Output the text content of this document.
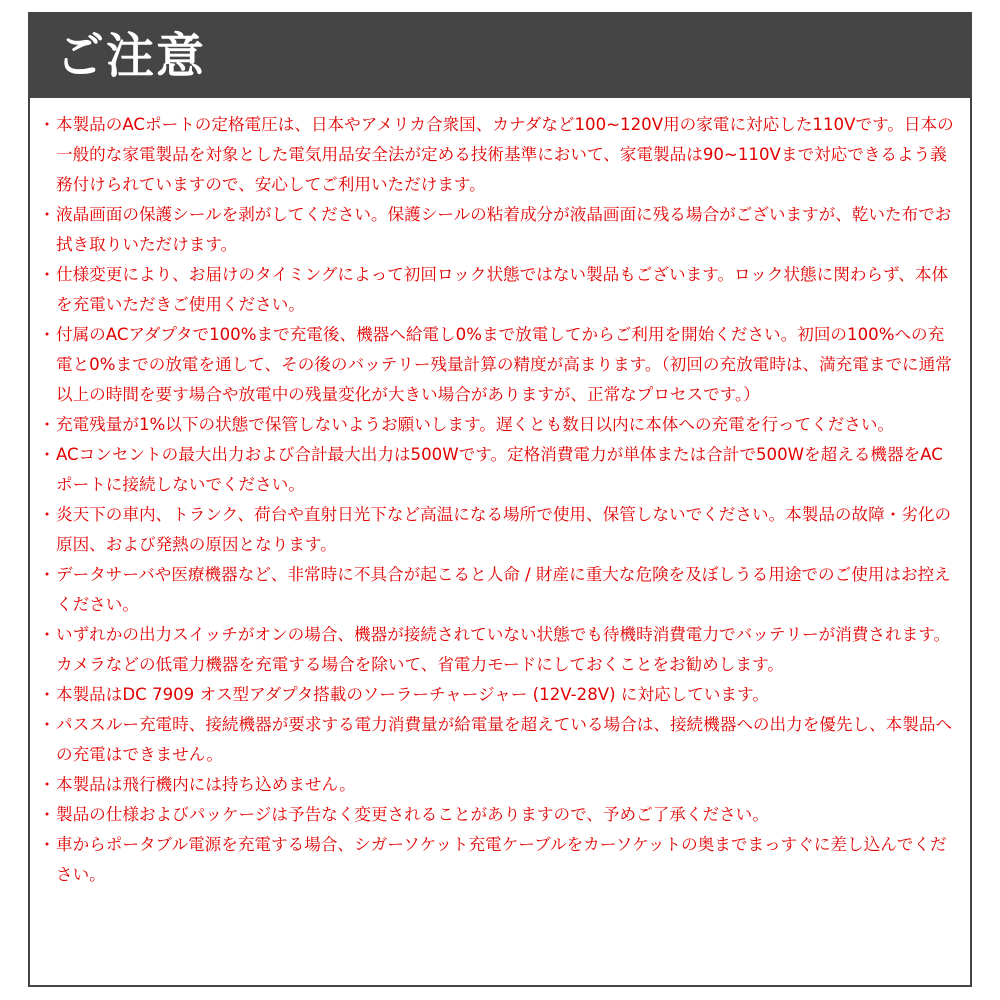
ご注意
・ 本製品のACポートの定格電圧は、日本やアメリカ合衆国、カナダなど100~120V用の家電に対応した110Vです。日本の一般的な家電製品を対象とした電気用品安全法が定める技術基準において、家電製品は90~110Vまで対応できるよう義務付けられていますので、安心してご利用いただけます。
・ 液晶画面の保護シールを剥がしてください。保護シールの粘着成分が液晶画面に残る場合がございますが、乾いた布でお拭き取りいただけます。
・ 仕様変更により、お届けのタイミングによって初回ロック状態ではない製品もございます。ロック状態に関わらず、本体を充電いただきご使用ください。
・ 付属のACアダプタで100%まで充電後、機器へ給電し0%まで放電してからご利用を開始ください。初回の100%への充電と0%までの放電を通して、その後のバッテリー残量計算の精度が高まります。（初回の充放電時は、満充電までに通常以上の時間を要す場合や放電中の残量変化が大きい場合がありますが、正常なプロセスです。）
・ 充電残量が1%以下の状態で保管しないようお願いします。遅くとも数日以内に本体への充電を行ってください。
・ ACコンセントの最大出力および合計最大出力は500Wです。定格消費電力が単体または合計で500Wを超える機器をACポートに接続しないでください。
・ 炎天下の車内、トランク、荷台や直射日光下など高温になる場所で使用、保管しないでください。本製品の故障・劣化の原因、および発熱の原因となります。
・ データサーバや医療機器など、非常時に不具合が起こると人命 / 財産に重大な危険を及ぼしうる用途でのご使用はお控えください。
・ いずれかの出力スイッチがオンの場合、機器が接続されていない状態でも待機時消費電力でバッテリーが消費されます。カメラなどの低電力機器を充電する場合を除いて、省電力モードにしておくことをお勧めします。
・ 本製品はDC 7909 オス型アダプタ搭載のソーラーチャージャー (12V-28V) に対応しています。
・ パススルー充電時、接続機器が要求する電力消費量が給電量を超えている場合は、接続機器への出力を優先し、本製品への充電はできません。
・ 本製品は飛行機内には持ち込めません。
・ 製品の仕様およびパッケージは予告なく変更されることがありますので、予めご了承ください。
・ 車からポータブル電源を充電する場合、シガーソケット充電ケーブルをカーソケットの奥までまっすぐに差し込んでください。
